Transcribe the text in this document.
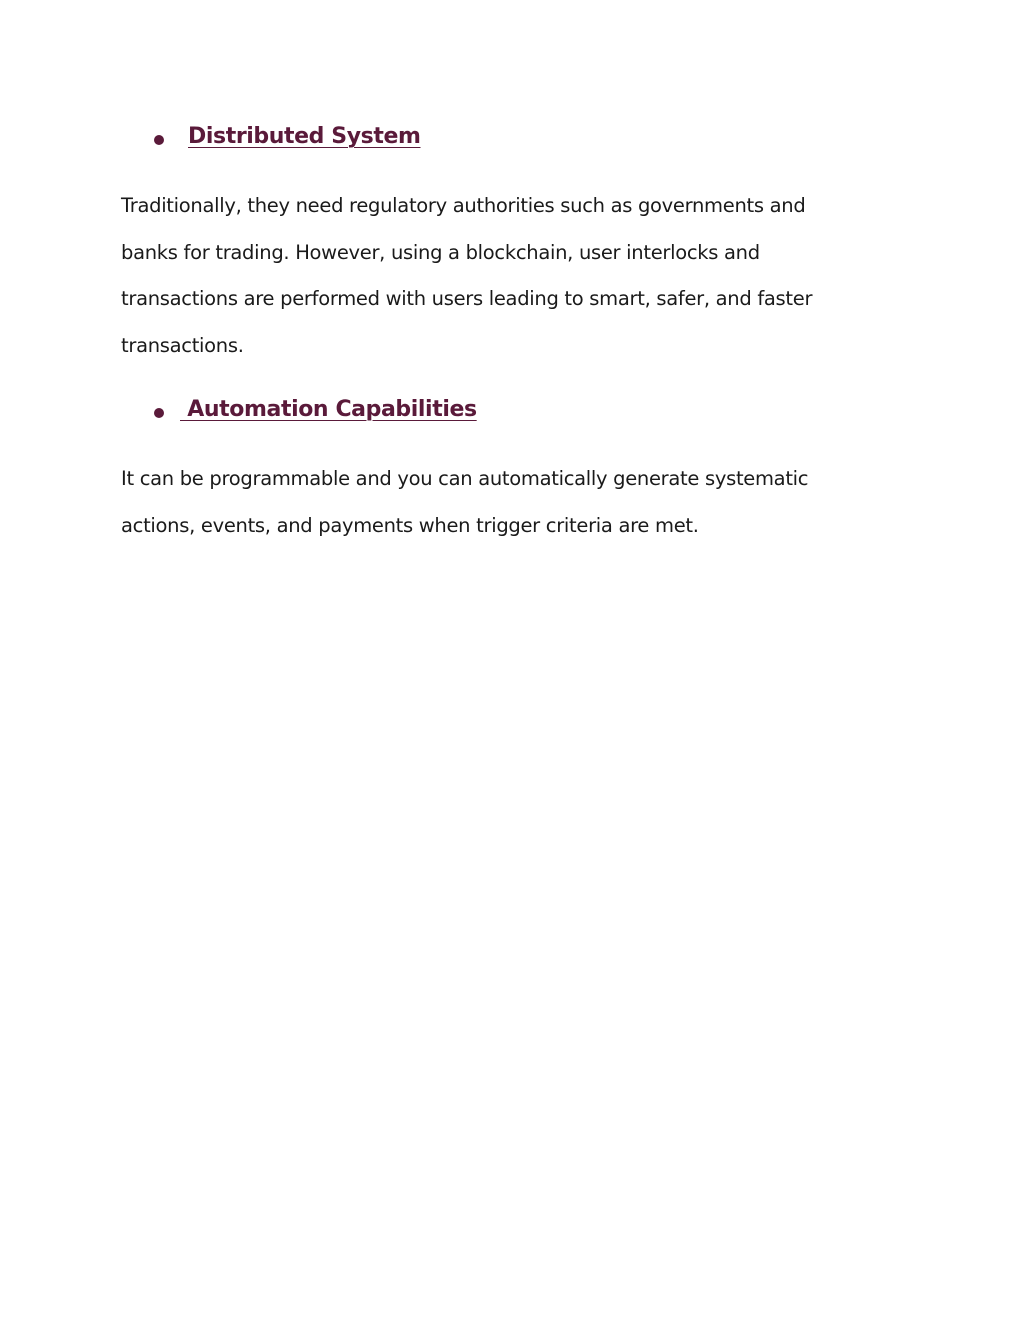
Distributed System

Traditionally, they need regulatory authorities such as governments and
banks for trading. However, using a blockchain, user interlocks and
transactions are performed with users leading to smart, safer, and faster
transactions.

Automation Capabilities

It can be programmable and you can automatically generate systematic
actions, events, and payments when trigger criteria are met.
